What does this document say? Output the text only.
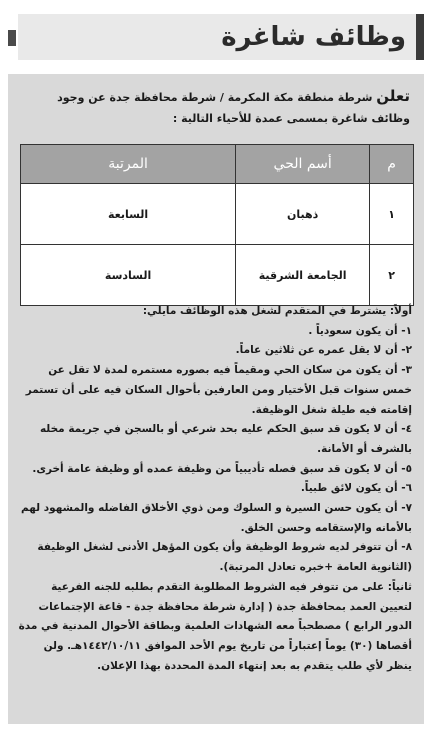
وظائف شاغرة
تعلن شرطة منطقة مكة المكرمة / شرطة محافظة جدة عن وجود وظائف شاغرة بمسمى عمدة للأحياء التالية :
م	أسم الحي	المرتبة
١	ذهبان	السابعة
٢	الجامعة الشرقية	السادسة

أولاً: يشترط في المتقدم لشغل هذه الوظائف مايلي:

١- أن يكون سعودياً .

٢- أن لا يقل عمره عن ثلاثين عاماً.

٣- أن يكون من سكان الحي ومقيماً فيه بصوره مستمره لمدة لا تقل عن خمس سنوات قبل الأختيار ومن العارفين بأحوال السكان فيه على أن تستمر إقامته فيه طيلة شغل الوظيفة.

٤- أن لا يكون قد سبق الحكم عليه بحد شرعي أو بالسجن في جريمة مخله بالشرف أو الأمانة.

٥- أن لا يكون قد سبق فصله تأديبياً من وظيفة عمده أو وظيفة عامة أخرى.

٦- أن يكون لائق طبياً.

٧- أن يكون حسن السيرة و السلوك ومن ذوي الأخلاق الفاضله والمشهود لهم بالأمانه والإستقامه وحسن الخلق.

٨- أن تتوفر لديه شروط الوظيفة وأن يكون المؤهل الأدنى لشغل الوظيفة (الثانوية العامة +خبره تعادل المرتبة).

ثانياً: على من تتوفر فيه الشروط المطلوبة التقدم بطلبه للجنه الفرعية لتعيين العمد بمحافظة جدة ( إدارة شرطة محافظة جدة - قاعة الإجتماعات الدور الرابع ) مصطحباً معه الشهادات العلمية وبطاقة الأحوال المدنية في مدة أقصاها (٣٠) يوماً إعتباراً من تاريخ يوم الأحد الموافق ١٤٤٢/١٠/١١هـ. ولن ينظر لأي طلب يتقدم به بعد إنتهاء المدة المحددة بهذا الإعلان.
